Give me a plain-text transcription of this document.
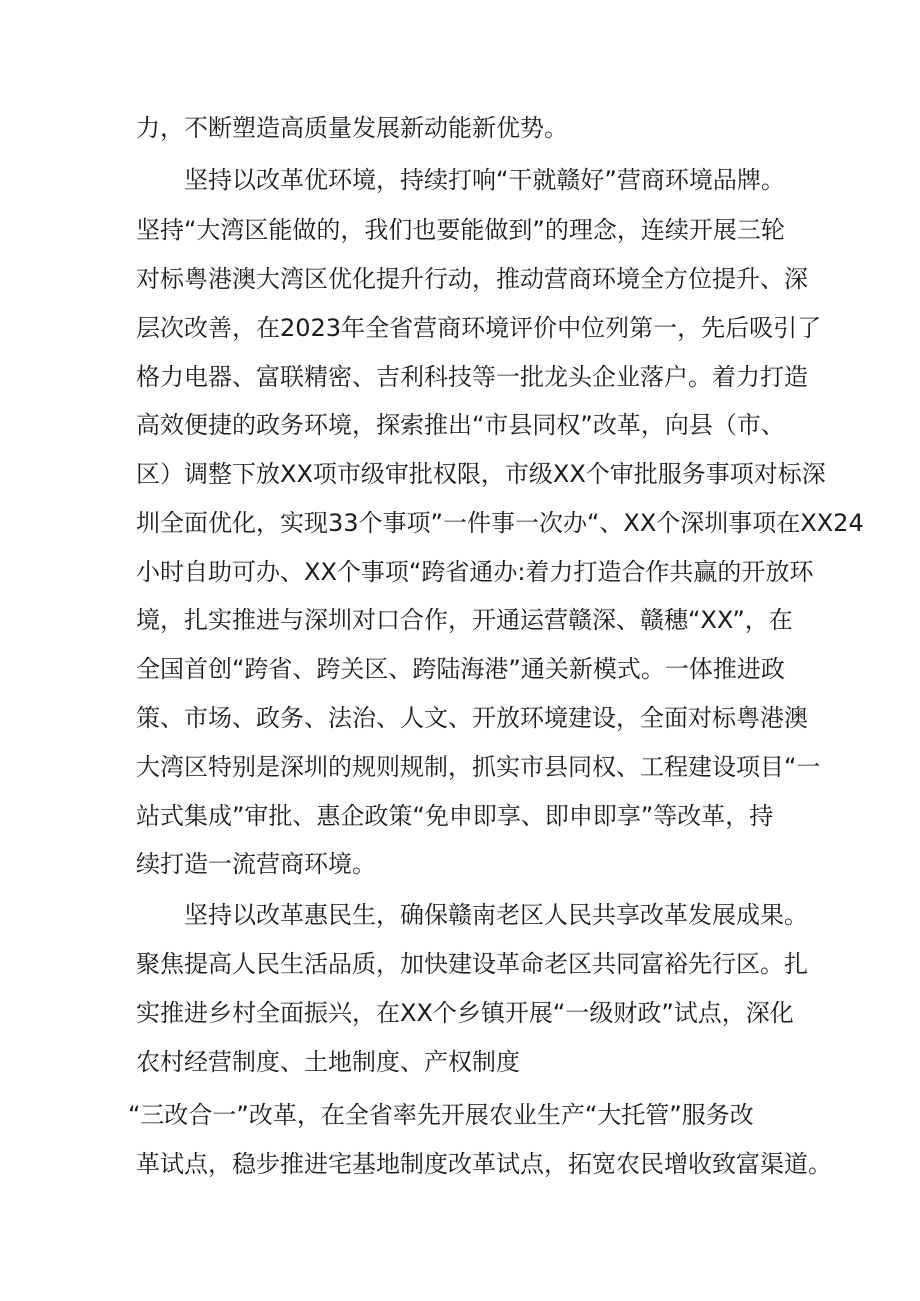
力，不断塑造高质量发展新动能新优势。
坚持以改革优环境，持续打响“干就赣好”营商环境品牌。
坚持“大湾区能做的，我们也要能做到”的理念，连续开展三轮
对标粤港澳大湾区优化提升行动，推动营商环境全方位提升、深
层次改善，在2023年全省营商环境评价中位列第一，先后吸引了
格力电器、富联精密、吉利科技等一批龙头企业落户。着力打造
高效便捷的政务环境，探索推出“市县同权”改革，向县（市、
区）调整下放XX项市级审批权限，市级XX个审批服务事项对标深
圳全面优化，实现33个事项”一件事一次办“、XX个深圳事项在XX24
小时自助可办、XX个事项“跨省通办:着力打造合作共赢的开放环
境，扎实推进与深圳对口合作，开通运营赣深、赣穗“XX”，在
全国首创“跨省、跨关区、跨陆海港”通关新模式。一体推进政
策、市场、政务、法治、人文、开放环境建设，全面对标粤港澳
大湾区特别是深圳的规则规制，抓实市县同权、工程建设项目“一
站式集成”审批、惠企政策“免申即享、即申即享”等改革，持
续打造一流营商环境。
坚持以改革惠民生，确保赣南老区人民共享改革发展成果。
聚焦提高人民生活品质，加快建设革命老区共同富裕先行区。扎
实推进乡村全面振兴，在XX个乡镇开展“一级财政”试点，深化
农村经营制度、土地制度、产权制度
“三改合一”改革，在全省率先开展农业生产“大托管”服务改
革试点，稳步推进宅基地制度改革试点，拓宽农民增收致富渠道。
